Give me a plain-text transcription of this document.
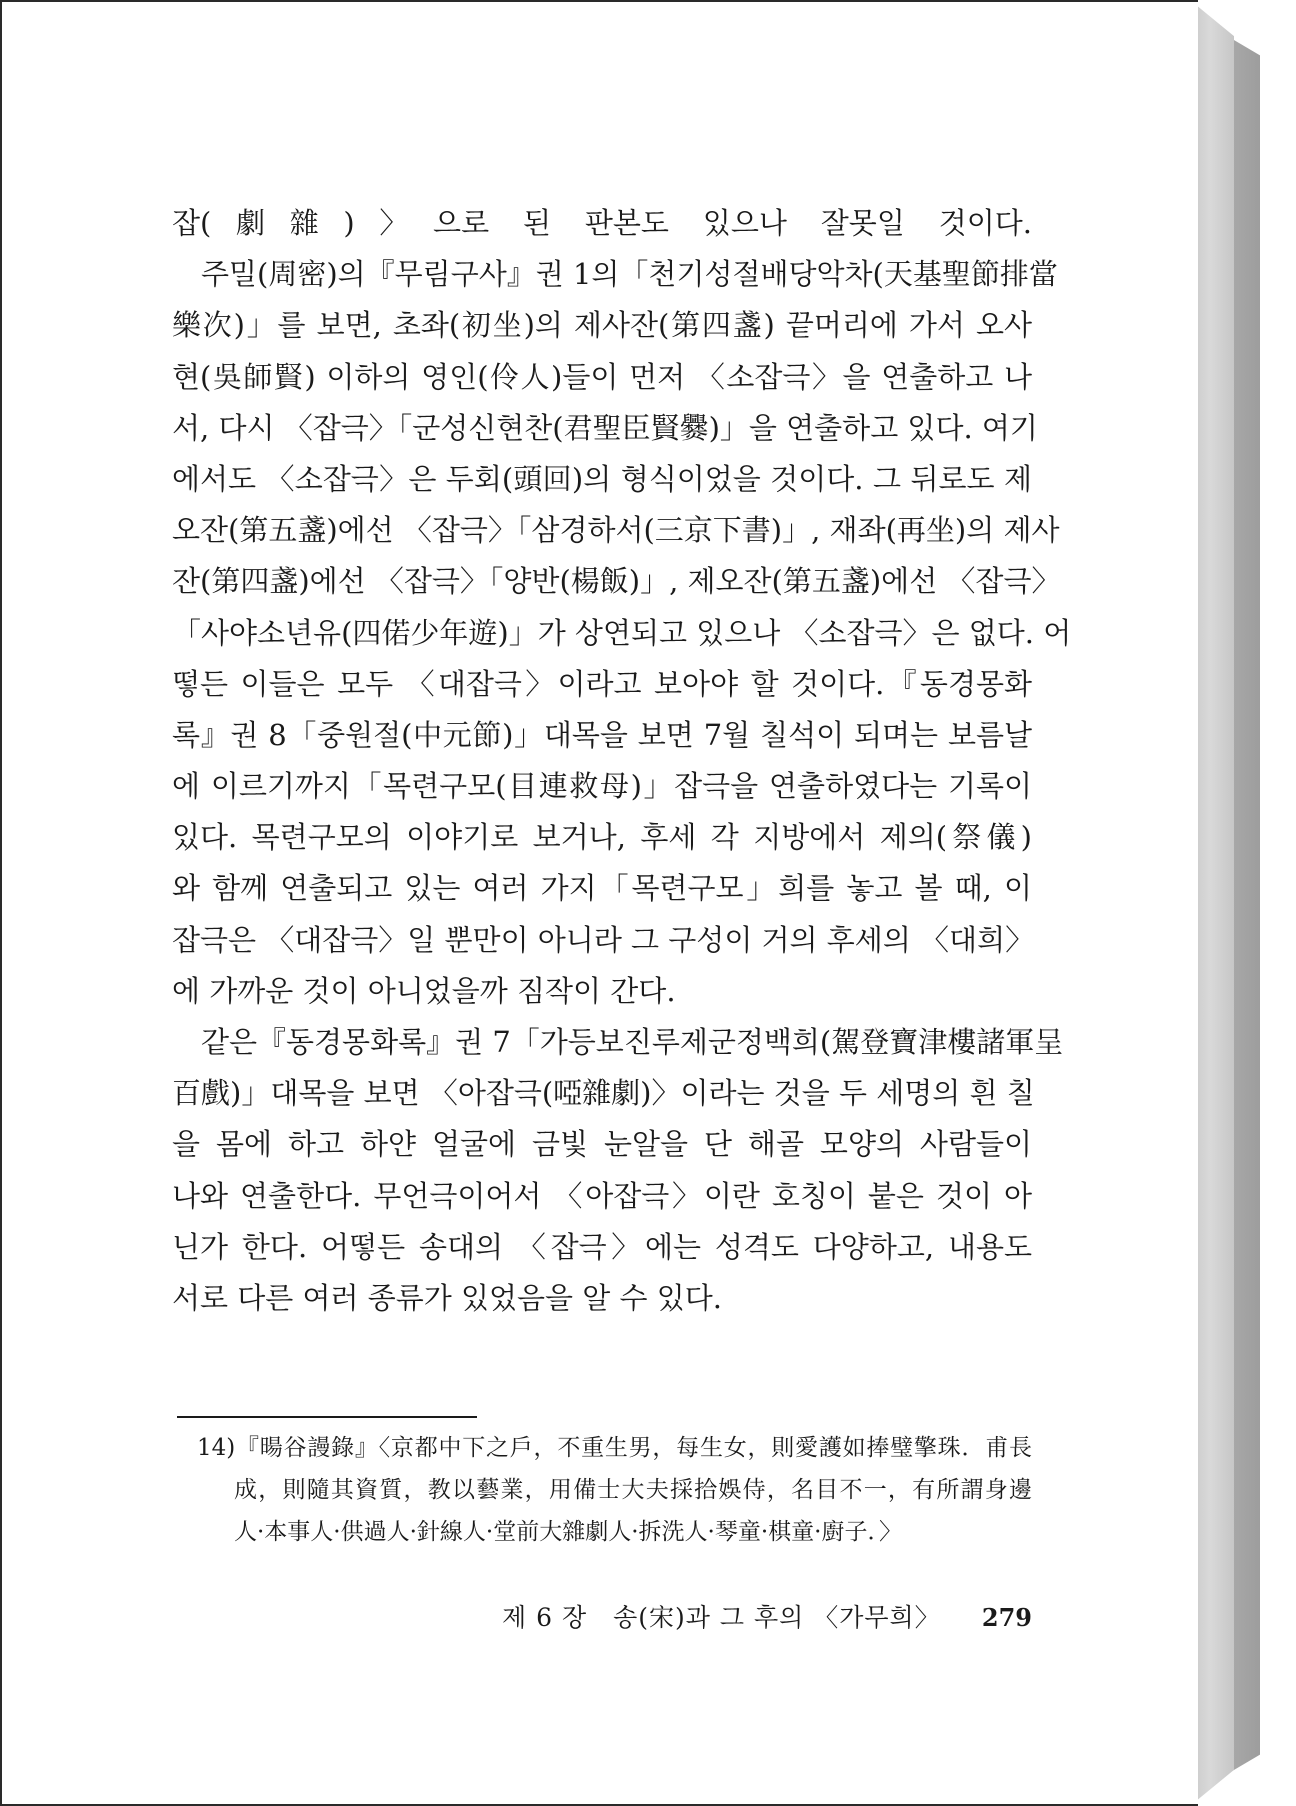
잡(劇雜)〉으로 된 판본도 있으나 잘못일 것이다.
　주밀(周密)의『무림구사』권 1의「천기성절배당악차(天基聖節排當
樂次)」를 보면, 초좌(初坐)의 제사잔(第四盞) 끝머리에 가서 오사
현(吳師賢) 이하의 영인(伶人)들이 먼저 〈소잡극〉을 연출하고 나
서, 다시 〈잡극〉「군성신현찬(君聖臣賢爨)」을 연출하고 있다. 여기
에서도 〈소잡극〉은 두회(頭回)의 형식이었을 것이다. 그 뒤로도 제
오잔(第五盞)에선 〈잡극〉「삼경하서(三京下書)」, 재좌(再坐)의 제사
잔(第四盞)에선 〈잡극〉「양반(楊飯)」, 제오잔(第五盞)에선 〈잡극〉
「사야소년유(四偌少年遊)」가 상연되고 있으나 〈소잡극〉은 없다. 어
떻든 이들은 모두 〈대잡극〉이라고 보아야 할 것이다.『동경몽화
록』권 8「중원절(中元節)」대목을 보면 7월 칠석이 되며는 보름날
에 이르기까지「목련구모(目連救母)」잡극을 연출하였다는 기록이
있다. 목련구모의 이야기로 보거나, 후세 각 지방에서 제의(祭儀)
와 함께 연출되고 있는 여러 가지「목련구모」희를 놓고 볼 때, 이
잡극은 〈대잡극〉일 뿐만이 아니라 그 구성이 거의 후세의 〈대희〉
에 가까운 것이 아니었을까 짐작이 간다.
　같은『동경몽화록』권 7「가등보진루제군정백희(駕登寶津樓諸軍呈
百戲)」대목을 보면 〈아잡극(啞雜劇)〉이라는 것을 두 세명의 흰 칠
을 몸에 하고 하얀 얼굴에 금빛 눈알을 단 해골 모양의 사람들이
나와 연출한다. 무언극이어서 〈아잡극〉이란 호칭이 붙은 것이 아
닌가 한다. 어떻든 송대의 〈잡극〉에는 성격도 다양하고, 내용도
서로 다른 여러 종류가 있었음을 알 수 있다.
14)『暘谷謾錄』〈京都中下之戶，不重生男，每生女，則愛護如捧璧擎珠．甫長
成，則隨其資質，教以藝業，用備士大夫採拾娛侍，名目不一，有所謂身邊
人·本事人·供過人·針線人·堂前大雜劇人·拆洗人·琴童·棋童·廚子．〉
제 6 장　송(宋)과 그 후의 〈가무희〉 279
